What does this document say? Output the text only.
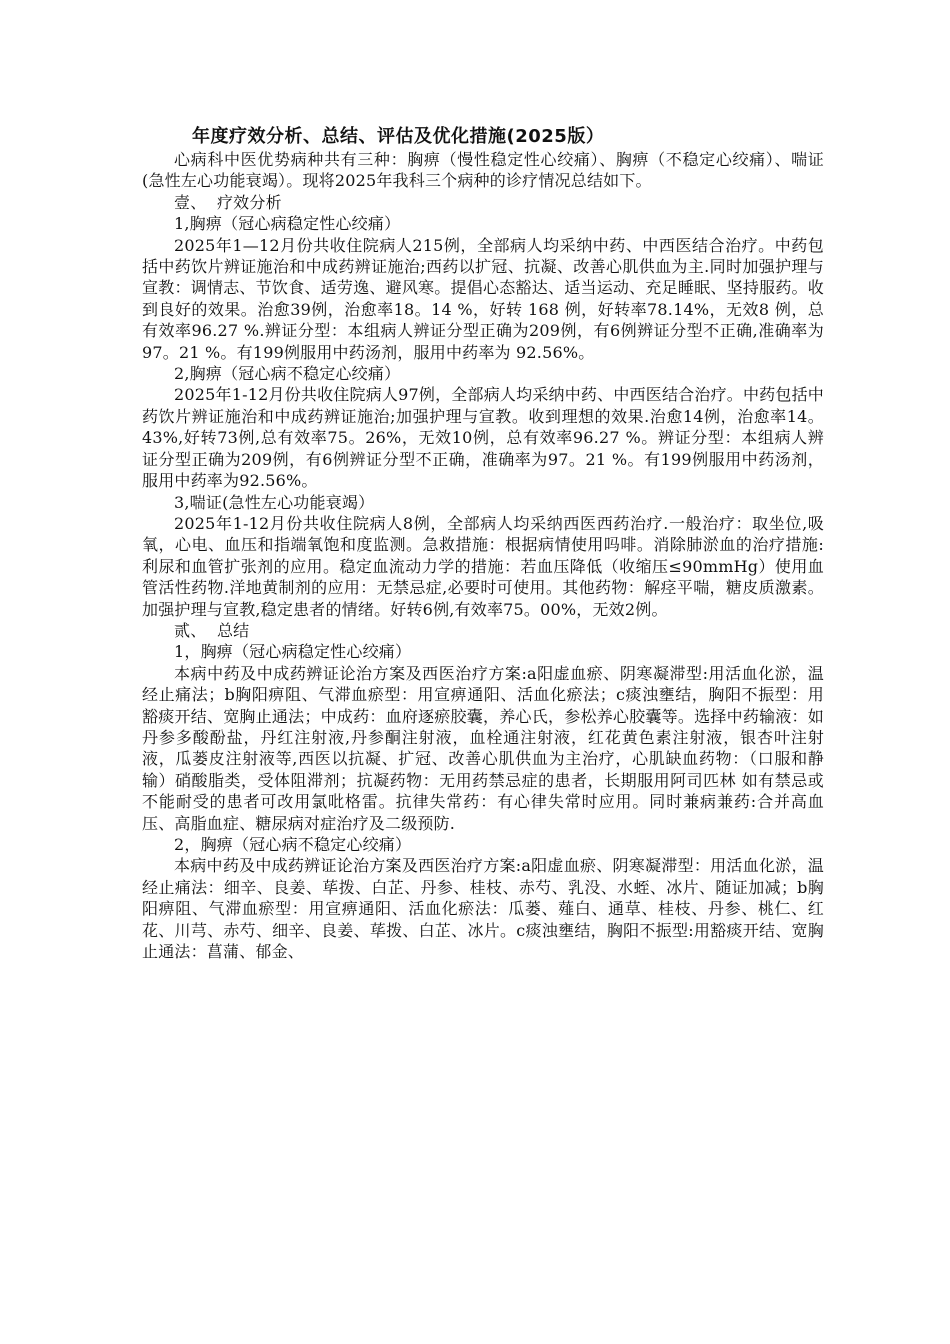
年度疗效分析、总结、评估及优化措施(2025版）

心病科中医优势病种共有三种：胸痹（慢性稳定性心绞痛）、胸痹（不稳定心绞痛）、喘证(急性左心功能衰竭）。现将2025年我科三个病种的诊疗情况总结如下。

壹、  疗效分析

1,胸痹（冠心病稳定性心绞痛）

2025年1—12月份共收住院病人215例，全部病人均采纳中药、中西医结合治疗。中药包括中药饮片辨证施治和中成药辨证施治;西药以扩冠、抗凝、改善心肌供血为主.同时加强护理与宣教：调情志、节饮食、适劳逸、避风寒。提倡心态豁达、适当运动、充足睡眠、坚持服药。收到良好的效果。治愈39例，治愈率18。14 %，好转 168 例，好转率78.14%，无效8 例，总有效率96.27 %.辨证分型：本组病人辨证分型正确为209例，有6例辨证分型不正确,准确率为97。21 %。有199例服用中药汤剂，服用中药率为 92.56%。

2,胸痹（冠心病不稳定心绞痛）

2025年1-12月份共收住院病人97例，全部病人均采纳中药、中西医结合治疗。中药包括中药饮片辨证施治和中成药辨证施治;加强护理与宣教。收到理想的效果.治愈14例，治愈率14。43%,好转73例,总有效率75。26%，无效10例，总有效率96.27 %。辨证分型：本组病人辨证分型正确为209例，有6例辨证分型不正确，准确率为97。21 %。有199例服用中药汤剂，服用中药率为92.56%。

3,喘证(急性左心功能衰竭）

2025年1-12月份共收住院病人8例，全部病人均采纳西医西药治疗.一般治疗：取坐位,吸氧，心电、血压和指端氧饱和度监测。急救措施：根据病情使用吗啡。消除肺淤血的治疗措施:利尿和血管扩张剂的应用。稳定血流动力学的措施：若血压降低（收缩压≤90mmHg）使用血管活性药物.洋地黄制剂的应用：无禁忌症,必要时可使用。其他药物：解痉平喘，糖皮质激素。加强护理与宣教,稳定患者的情绪。好转6例,有效率75。00%，无效2例。

贰、  总结

1，胸痹（冠心病稳定性心绞痛）

本病中药及中成药辨证论治方案及西医治疗方案:a阳虚血瘀、阴寒凝滞型:用活血化淤，温经止痛法；b胸阳痹阻、气滞血瘀型：用宣痹通阳、活血化瘀法；c痰浊壅结，胸阳不振型：用豁痰开结、宽胸止通法；中成药：血府逐瘀胶囊，养心氏，参松养心胶囊等。选择中药输液：如丹参多酸酚盐，丹红注射液,丹参酮注射液，血栓通注射液，红花黄色素注射液，银杏叶注射液，瓜蒌皮注射液等,西医以抗凝、扩冠、改善心肌供血为主治疗，心肌缺血药物：（口服和静输）硝酸脂类，受体阻滞剂；抗凝药物：无用药禁忌症的患者，长期服用阿司匹林 如有禁忌或不能耐受的患者可改用氯吡格雷。抗律失常药：有心律失常时应用。同时兼病兼药:合并高血压、高脂血症、糖尿病对症治疗及二级预防.

2，胸痹（冠心病不稳定心绞痛）

本病中药及中成药辨证论治方案及西医治疗方案:a阳虚血瘀、阴寒凝滞型：用活血化淤，温经止痛法：细辛、良姜、荜拨、白芷、丹参、桂枝、赤芍、乳没、水蛭、冰片、随证加减；b胸阳痹阻、气滞血瘀型：用宣痹通阳、活血化瘀法：瓜蒌、薤白、通草、桂枝、丹参、桃仁、红花、川芎、赤芍、细辛、良姜、荜拨、白芷、冰片。c痰浊壅结，胸阳不振型:用豁痰开结、宽胸止通法：菖蒲、郁金、
